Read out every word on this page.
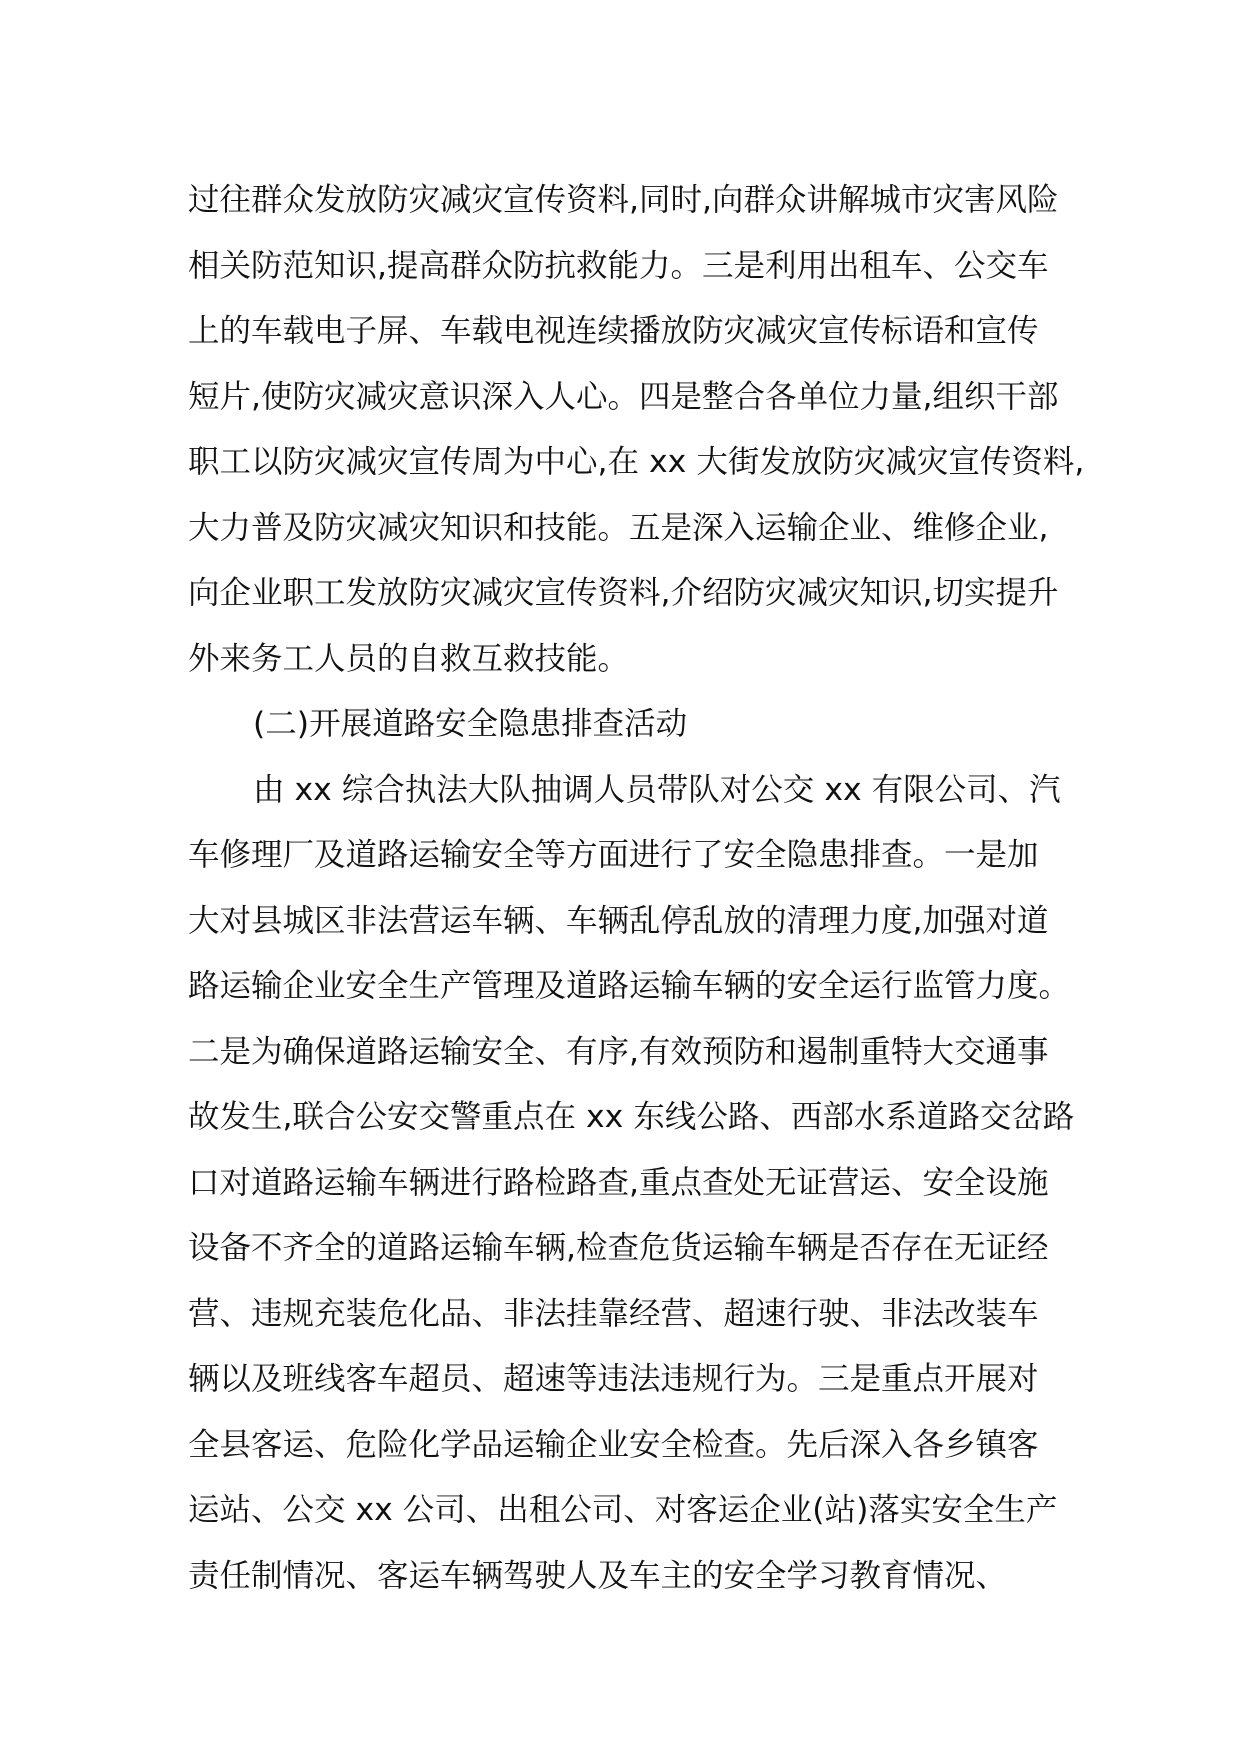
过往群众发放防灾减灾宣传资料,同时,向群众讲解城市灾害风险
相关防范知识,提高群众防抗救能力。三是利用出租车、公交车
上的车载电子屏、车载电视连续播放防灾减灾宣传标语和宣传
短片,使防灾减灾意识深入人心。四是整合各单位力量,组织干部
职工以防灾减灾宣传周为中心,在 xx 大街发放防灾减灾宣传资料,
大力普及防灾减灾知识和技能。五是深入运输企业、维修企业,
向企业职工发放防灾减灾宣传资料,介绍防灾减灾知识,切实提升
外来务工人员的自救互救技能。
(二)开展道路安全隐患排查活动
由 xx 综合执法大队抽调人员带队对公交 xx 有限公司、汽
车修理厂及道路运输安全等方面进行了安全隐患排查。一是加
大对县城区非法营运车辆、车辆乱停乱放的清理力度,加强对道
路运输企业安全生产管理及道路运输车辆的安全运行监管力度。
二是为确保道路运输安全、有序,有效预防和遏制重特大交通事
故发生,联合公安交警重点在 xx 东线公路、西部水系道路交岔路
口对道路运输车辆进行路检路查,重点查处无证营运、安全设施
设备不齐全的道路运输车辆,检查危货运输车辆是否存在无证经
营、违规充装危化品、非法挂靠经营、超速行驶、非法改装车
辆以及班线客车超员、超速等违法违规行为。三是重点开展对
全县客运、危险化学品运输企业安全检查。先后深入各乡镇客
运站、公交 xx 公司、出租公司、对客运企业(站)落实安全生产
责任制情况、客运车辆驾驶人及车主的安全学习教育情况、
